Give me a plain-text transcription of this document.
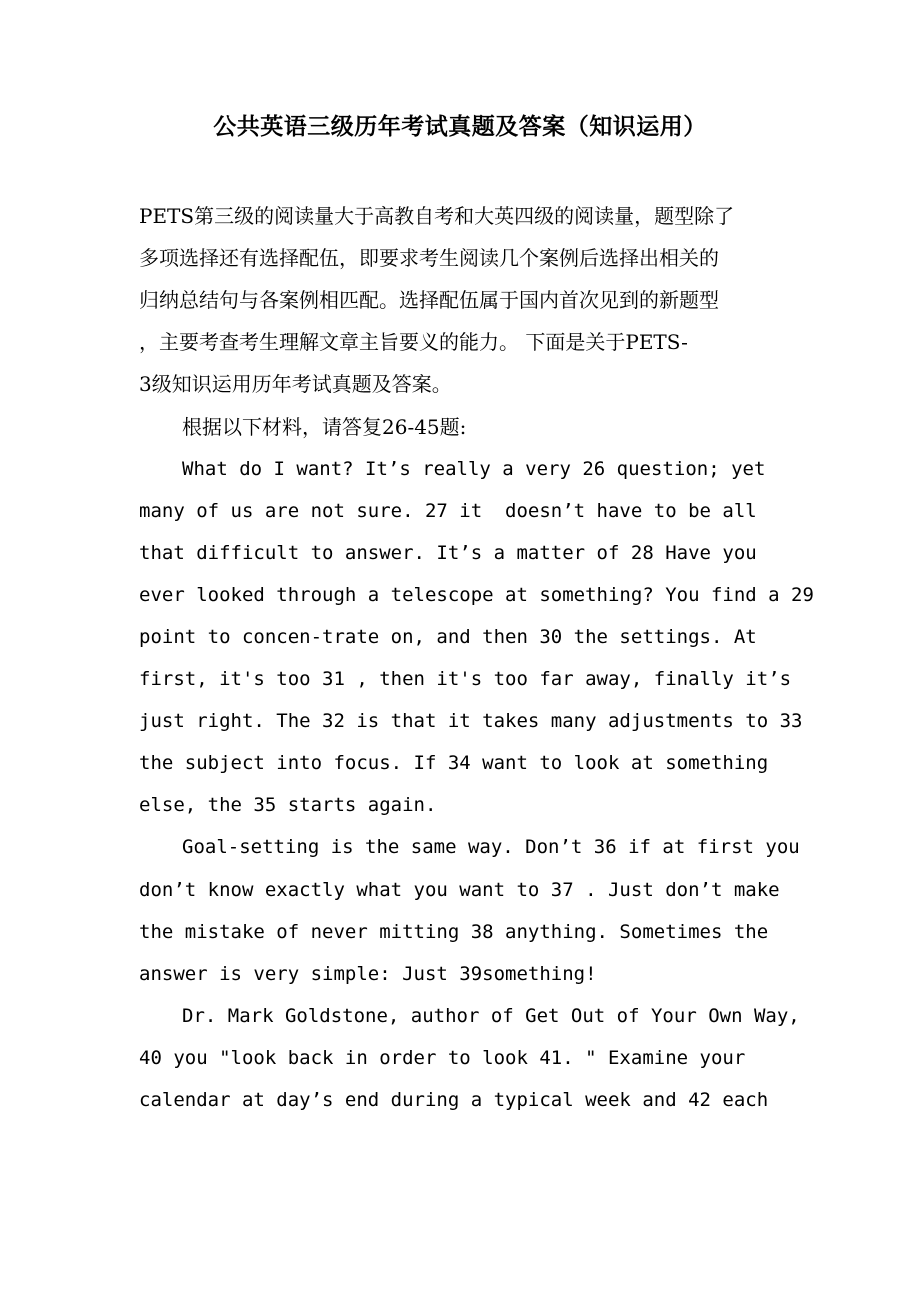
公共英语三级历年考试真题及答案（知识运用）

PETS第三级的阅读量大于高教自考和大英四级的阅读量，题型除了

多项选择还有选择配伍，即要求考生阅读几个案例后选择出相关的

归纳总结句与各案例相匹配。选择配伍属于国内首次见到的新题型

，主要考查考生理解文章主旨要义的能力。 下面是关于PETS-

3级知识运用历年考试真题及答案。

根据以下材料，请答复26-45题:

What do I want? It’s really a very 26 question; yet

many of us are not sure. 27 it  doesn’t have to be all

that difficult to answer. It’s a matter of 28 Have you

ever looked through a telescope at something? You find a 29

point to concen-trate on, and then 30 the settings. At

first, it's too 31 , then it's too far away, finally it’s

just right. The 32 is that it takes many adjustments to 33

the subject into focus. If 34 want to look at something

else, the 35 starts again.

Goal-setting is the same way. Don’t 36 if at first you

don’t know exactly what you want to 37 . Just don’t make

the mistake of never mitting 38 anything. Sometimes the

answer is very simple: Just 39something!

Dr. Mark Goldstone, author of Get Out of Your Own Way,

40 you "look back in order to look 41. " Examine your

calendar at day’s end during a typical week and 42 each
